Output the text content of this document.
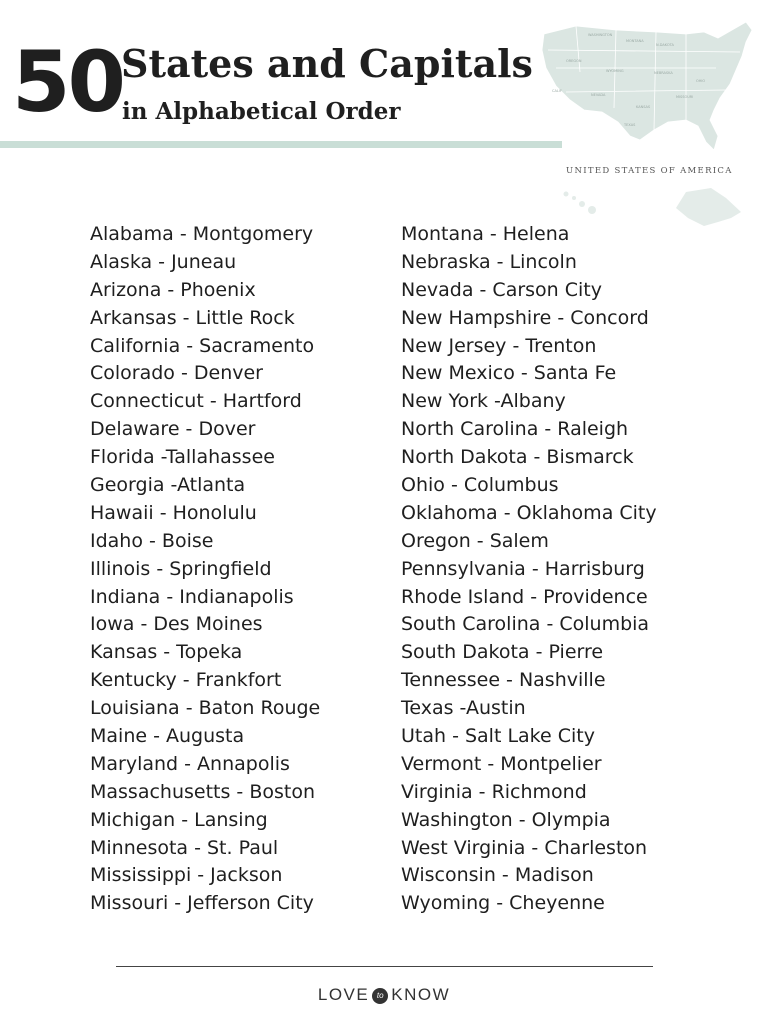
50
States and Capitals
in Alphabetical Order
WASHINGTON
MONTANA
N.DAKOTA
OREGON
WYOMING	NEBRASKA
CALIF
NEVADA
KANSAS
MISSOURI
TEXAS
OHIO
UNITED STATES OF AMERICA
Alabama - Montgomery
Alaska - Juneau
Arizona - Phoenix
Arkansas - Little Rock
California - Sacramento
Colorado - Denver
Connecticut - Hartford
Delaware - Dover
Florida -Tallahassee
Georgia -Atlanta
Hawaii - Honolulu
Idaho - Boise
Illinois - Springfield
Indiana - Indianapolis
Iowa - Des Moines
Kansas - Topeka
Kentucky - Frankfort
Louisiana - Baton Rouge
Maine - Augusta
Maryland - Annapolis
Massachusetts - Boston
Michigan - Lansing
Minnesota - St. Paul
Mississippi - Jackson
Missouri - Jefferson City
Montana - Helena
Nebraska - Lincoln
Nevada - Carson City
New Hampshire - Concord
New Jersey - Trenton
New Mexico - Santa Fe
New York -Albany
North Carolina - Raleigh
North Dakota - Bismarck
Ohio - Columbus
Oklahoma - Oklahoma City
Oregon - Salem
Pennsylvania - Harrisburg
Rhode Island - Providence
South Carolina - Columbia
South Dakota - Pierre
Tennessee - Nashville
Texas -Austin
Utah - Salt Lake City
Vermont - Montpelier
Virginia - Richmond
Washington - Olympia
West Virginia - Charleston
Wisconsin - Madison
Wyoming - Cheyenne
LOVE to KNOW
